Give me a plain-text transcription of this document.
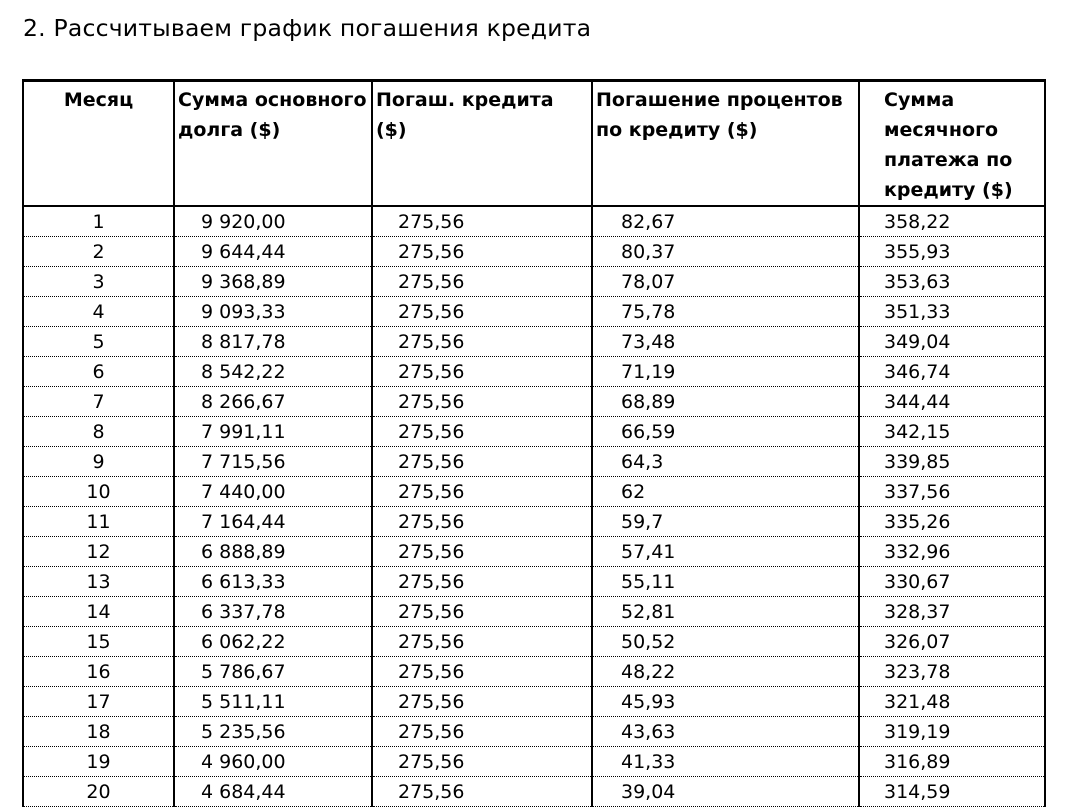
2. Рассчитываем график погашения кредита
Месяц	Сумма основного долга ($)	Погаш. кредита ($)	Погашение процентов по кредиту ($)	Сумма месячного платежа по кредиту ($)
1	9 920,00	275,56	82,67	358,22
2	9 644,44	275,56	80,37	355,93
3	9 368,89	275,56	78,07	353,63
4	9 093,33	275,56	75,78	351,33
5	8 817,78	275,56	73,48	349,04
6	8 542,22	275,56	71,19	346,74
7	8 266,67	275,56	68,89	344,44
8	7 991,11	275,56	66,59	342,15
9	7 715,56	275,56	64,3	339,85
10	7 440,00	275,56	62	337,56
11	7 164,44	275,56	59,7	335,26
12	6 888,89	275,56	57,41	332,96
13	6 613,33	275,56	55,11	330,67
14	6 337,78	275,56	52,81	328,37
15	6 062,22	275,56	50,52	326,07
16	5 786,67	275,56	48,22	323,78
17	5 511,11	275,56	45,93	321,48
18	5 235,56	275,56	43,63	319,19
19	4 960,00	275,56	41,33	316,89
20	4 684,44	275,56	39,04	314,59
